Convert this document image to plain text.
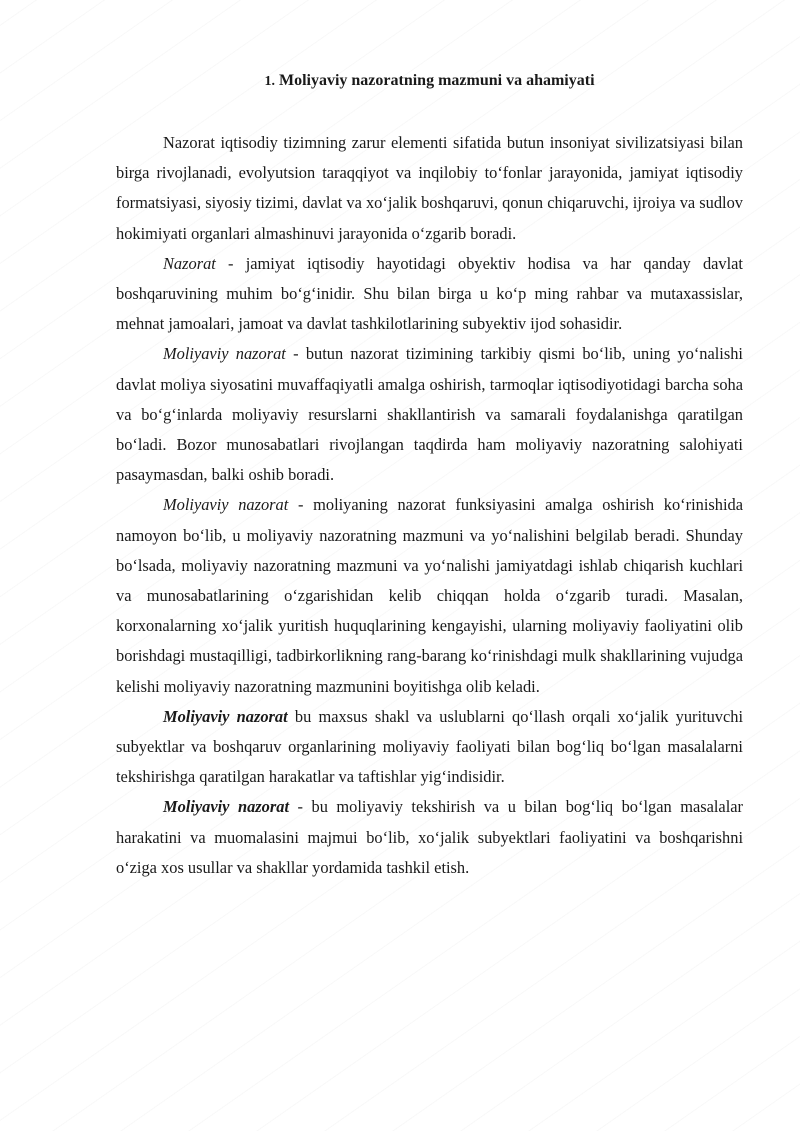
1. Moliyaviy nazoratning mazmuni va ahamiyati

Nazorat iqtisodiy tizimning zarur elementi sifatida butun insoniyat sivilizatsiyasi bilan birga rivojlanadi, evolyutsion taraqqiyot va inqilobiy to‘fonlar jarayonida, jamiyat iqtisodiy formatsiyasi, siyosiy tizimi, davlat va xo‘jalik boshqaruvi, qonun chiqaruvchi, ijroiya va sudlov hokimiyati organlari almashinuvi jarayonida o‘zgarib boradi.

Nazorat - jamiyat iqtisodiy hayotidagi obyektiv hodisa va har qanday davlat boshqaruvining muhim bo‘g‘inidir. Shu bilan birga u ko‘p ming rahbar va mutaxassislar, mehnat jamoalari, jamoat va davlat tashkilotlarining subyektiv ijod sohasidir.

Moliyaviy nazorat - butun nazorat tizimining tarkibiy qismi bo‘lib, uning yo‘nalishi davlat moliya siyosatini muvaffaqiyatli amalga oshirish, tarmoqlar iqtisodiyotidagi barcha soha va bo‘g‘inlarda moliyaviy resurslarni shakllantirish va samarali foydalanishga qaratilgan bo‘ladi. Bozor munosabatlari rivojlangan taqdirda ham moliyaviy nazoratning salohiyati pasaymasdan, balki oshib boradi.

Moliyaviy nazorat - moliyaning nazorat funksiyasini amalga oshirish ko‘rinishida namoyon bo‘lib, u moliyaviy nazoratning mazmuni va yo‘nalishini belgilab beradi. Shunday bo‘lsada, moliyaviy nazoratning mazmuni va yo‘nalishi jamiyatdagi ishlab chiqarish kuchlari va munosabatlarining o‘zgarishidan kelib chiqqan holda o‘zgarib turadi. Masalan, korxonalarning xo‘jalik yuritish huquqlarining kengayishi, ularning moliyaviy faoliyatini olib borishdagi mustaqilligi, tadbirkorlikning rang-barang ko‘rinishdagi mulk shakllarining vujudga kelishi moliyaviy nazoratning mazmunini boyitishga olib keladi.

Moliyaviy nazorat bu maxsus shakl va uslublarni qo‘llash orqali xo‘jalik yurituvchi subyektlar va boshqaruv organlarining moliyaviy faoliyati bilan bog‘liq bo‘lgan masalalarni tekshirishga qaratilgan harakatlar va taftishlar yig‘indisidir.

Moliyaviy nazorat - bu moliyaviy tekshirish va u bilan bog‘liq bo‘lgan masalalar harakatini va muomalasini majmui bo‘lib, xo‘jalik subyektlari faoliyatini va boshqarishni o‘ziga xos usullar va shakllar yordamida tashkil etish.
